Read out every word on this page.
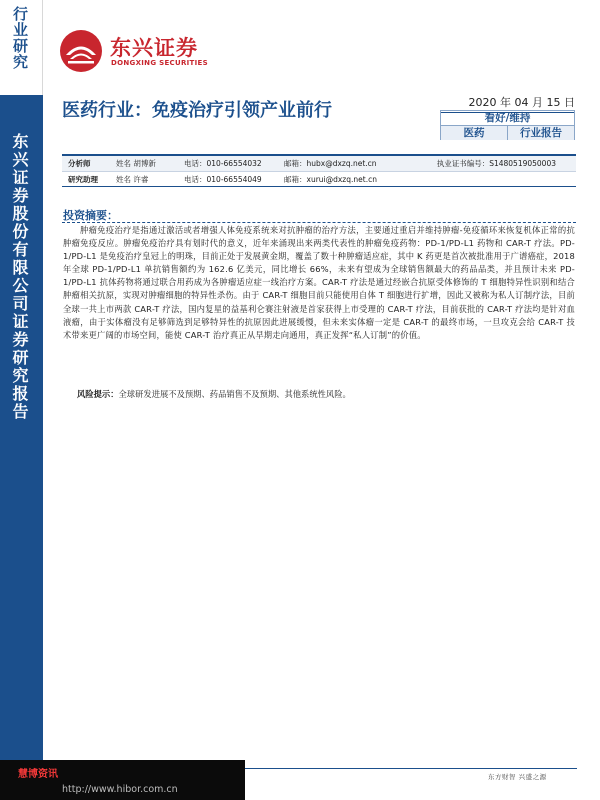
行业研究
东兴证券股份有限公司证券研究报告
东兴证券
DONGXING SECURITIES
医药行业：免疫治疗引领产业前行	2020 年 04 月 15 日
看好/维持
医药	行业报告
分析师	姓名 胡博新	电话：010-66554032	邮箱：hubx@dxzq.net.cn	执业证书编号：S1480519050003
研究助理	姓名 许睿	电话：010-66554049	邮箱：xurui@dxzq.net.cn
投资摘要：
肿瘤免疫治疗是指通过激活或者增强人体免疫系统来对抗肿瘤的治疗方法，主要通过重启并维持肿瘤-免疫循环来恢复机体正常的抗肿瘤免疫反应。肿瘤免疫治疗具有划时代的意义，近年来涌现出来两类代表性的肿瘤免疫药物：PD-1/PD-L1 药物和 CAR-T 疗法。PD-1/PD-L1 是免疫治疗皇冠上的明珠，目前正处于发展黄金期，覆盖了数十种肿瘤适应症，其中 K 药更是首次被批准用于广谱癌症，2018 年全球 PD-1/PD-L1 单抗销售额约为 162.6 亿美元，同比增长 66%，未来有望成为全球销售额最大的药品品类，并且预计未来 PD-1/PD-L1 抗体药物将通过联合用药成为各肿瘤适应症一线治疗方案。CAR-T 疗法是通过经嵌合抗原受体修饰的 T 细胞特异性识别和结合肿瘤相关抗原，实现对肿瘤细胞的特异性杀伤。由于 CAR-T 细胞目前只能使用自体 T 细胞进行扩增，因此又被称为私人订制疗法，目前全球一共上市两款 CAR-T 疗法，国内复星的益基利仑赛注射液是首家获得上市受理的 CAR-T 疗法，目前获批的 CAR-T 疗法均是针对血液瘤，由于实体瘤没有足够筛选到足够特异性的抗原因此进展缓慢，但未来实体瘤一定是 CAR-T 的最终市场，一旦攻克会给 CAR-T 技术带来更广阔的市场空间，能使 CAR-T 治疗真正从早期走向通用，真正发挥“私人订制”的价值。
风险提示：全球研发进展不及预期、药品销售不及预期、其他系统性风险。
东方财智 兴盛之源
慧博资讯
http://www.hibor.com.cn
